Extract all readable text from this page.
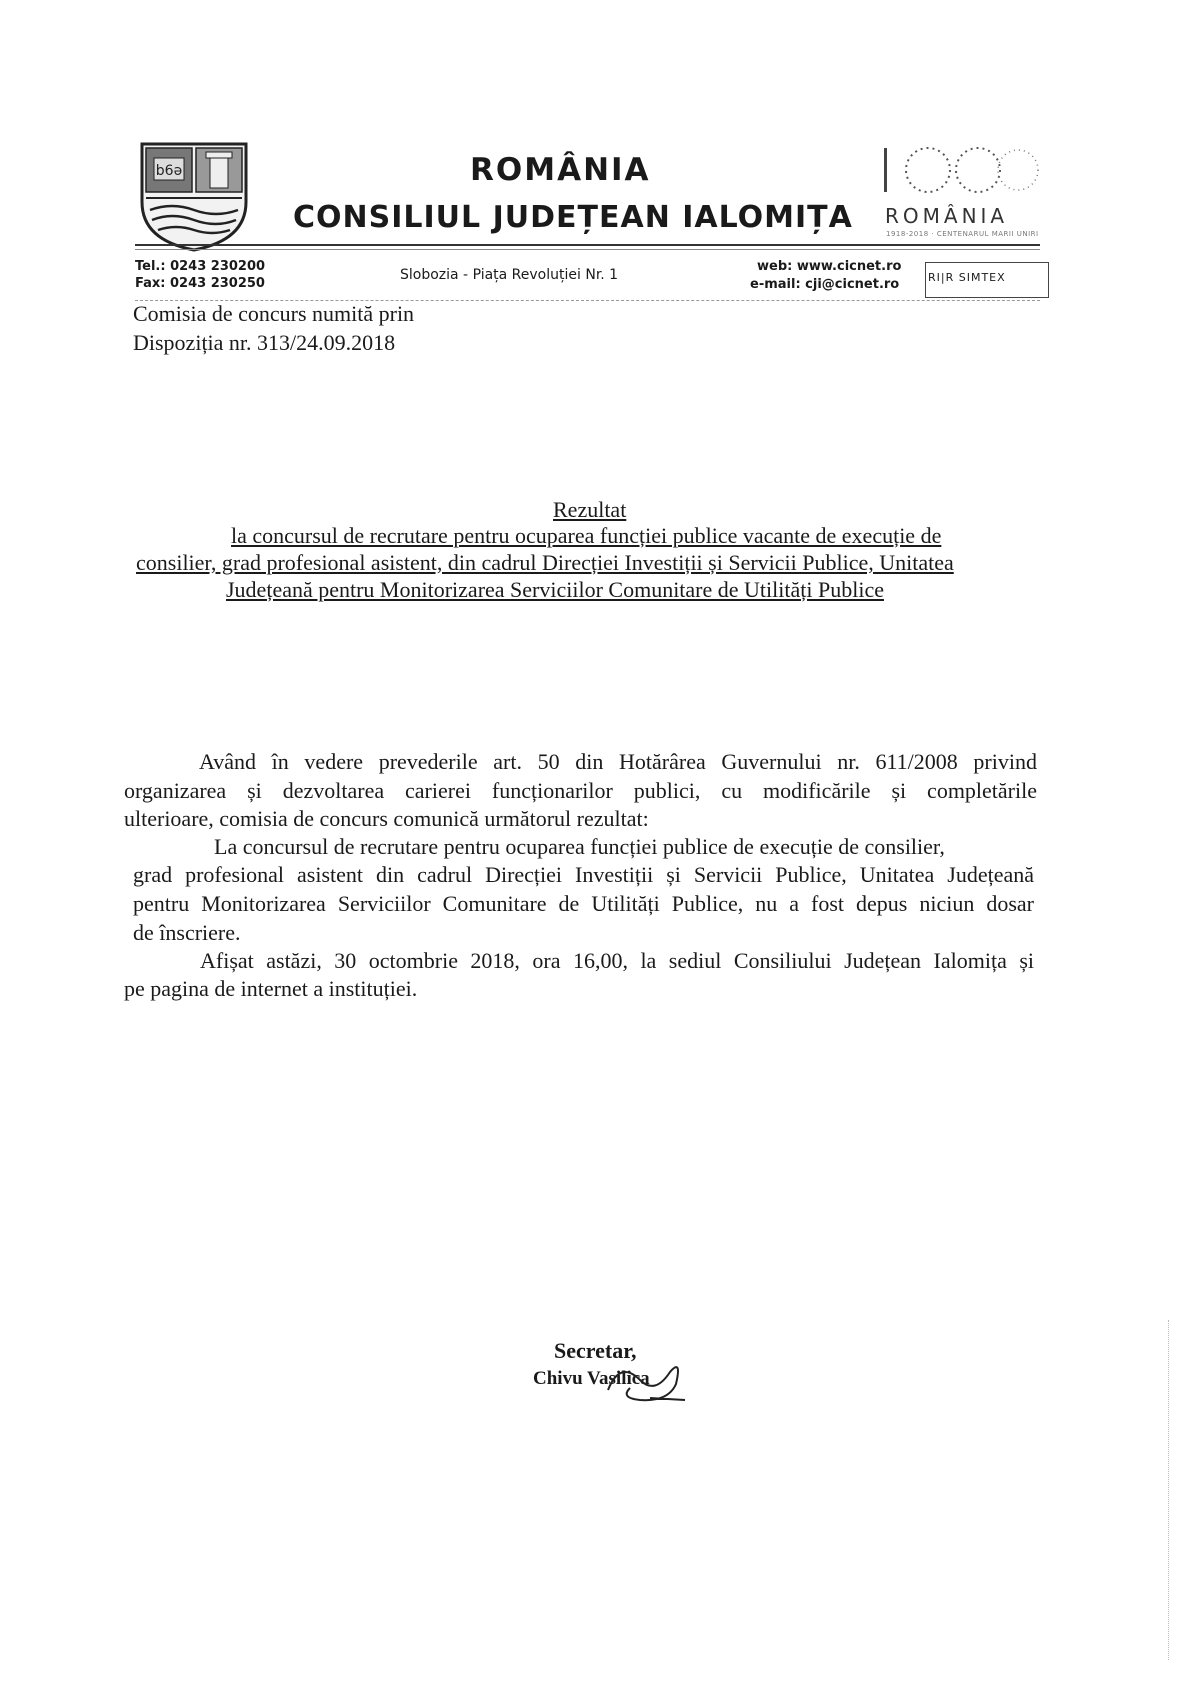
b6ə	ROMÂNIA
CONSILIUL JUDEȚEAN IALOMIȚA ROMÂNIA
1918-2018 · CENTENARUL MARII UNIRI
Tel.: 0243 230200
Fax: 0243 230250
Slobozia - Piața Revoluției Nr. 1
web: www.cicnet.ro
e-mail: cji@cicnet.ro	RI|R SIMTEX
Comisia de concurs numită prin
Dispoziția nr. 313/24.09.2018
Rezultat
la concursul de recrutare pentru ocuparea funcției publice vacante de execuție de
consilier, grad profesional asistent, din cadrul Direcției Investiții și Servicii Publice, Unitatea
Județeană pentru Monitorizarea Serviciilor Comunitare de Utilități Publice
Având în vedere prevederile art. 50 din Hotărârea Guvernului nr. 611/2008 privind
organizarea și dezvoltarea carierei funcționarilor publici, cu modificările și completările
ulterioare, comisia de concurs comunică următorul rezultat:
La concursul de recrutare pentru ocuparea funcției publice de execuție de consilier,
grad profesional asistent din cadrul Direcției Investiții și Servicii Publice, Unitatea Județeană
pentru Monitorizarea Serviciilor Comunitare de Utilități Publice, nu a fost depus niciun dosar
de înscriere.
Afișat astăzi, 30 octombrie 2018, ora 16,00, la sediul Consiliului Județean Ialomița și
pe pagina de internet a instituției.
Secretar,
Chivu Vasilica
